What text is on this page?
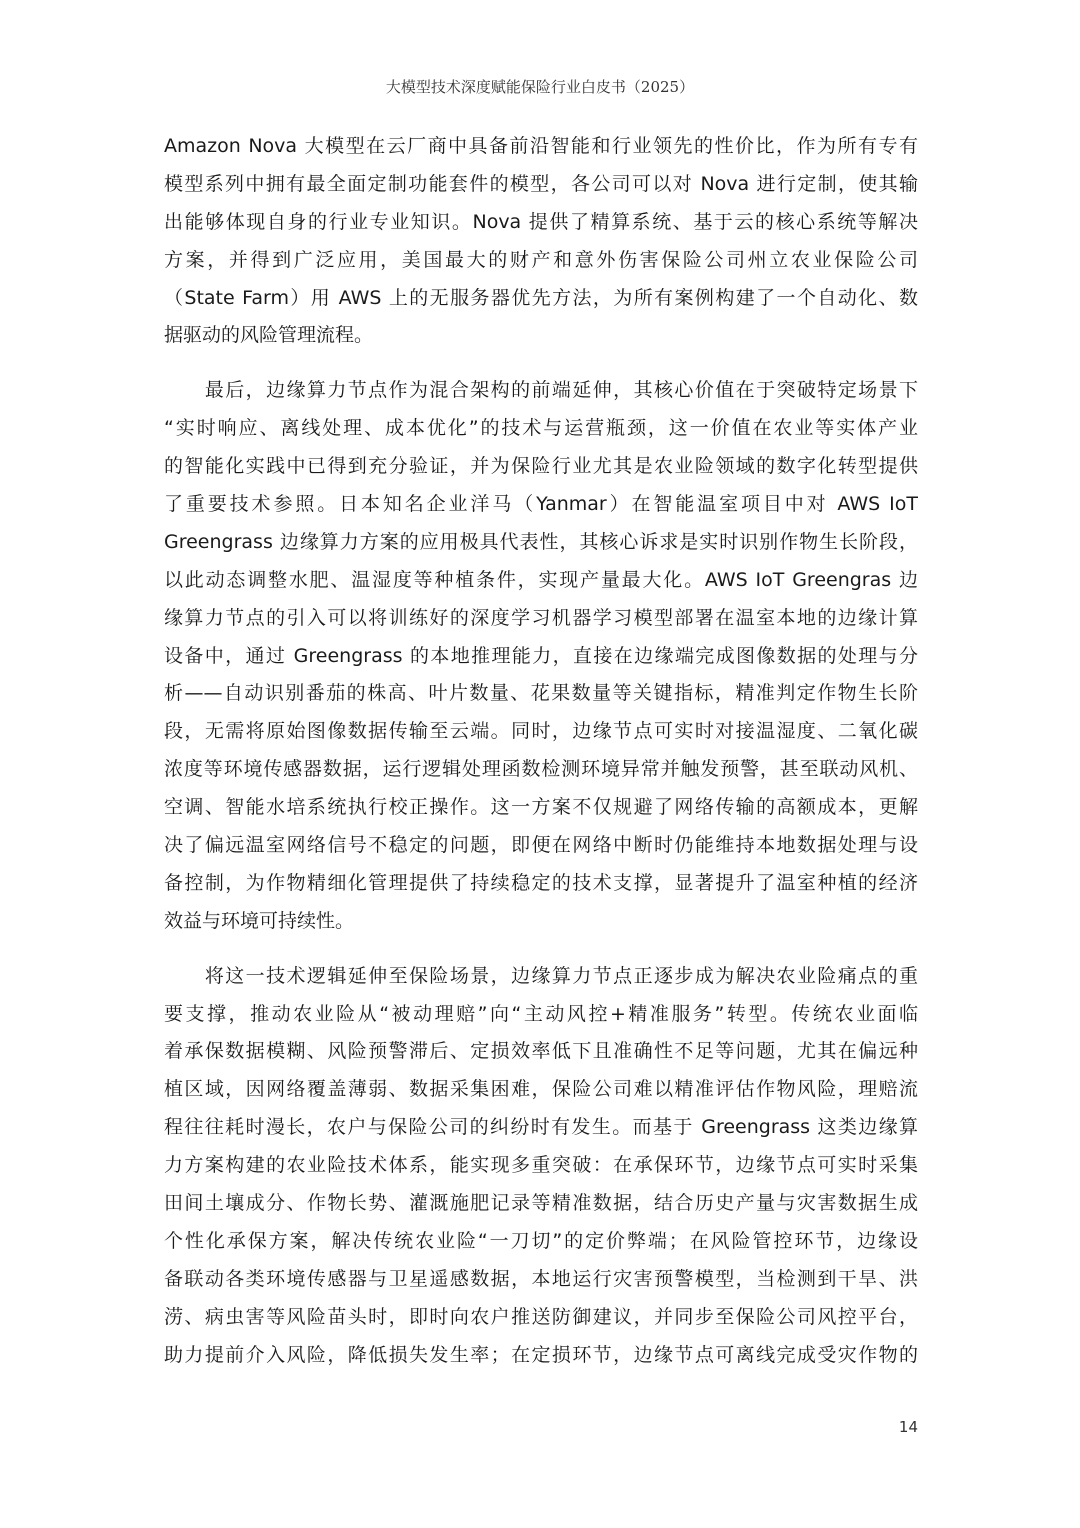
大模型技术深度赋能保险行业白皮书（2025）
Amazon Nova 大模型在云厂商中具备前沿智能和行业领先的性价比，作为所有专有
模型系列中拥有最全面定制功能套件的模型，各公司可以对 Nova 进行定制，使其输
出能够体现自身的行业专业知识。Nova 提供了精算系统、基于云的核心系统等解决
方案，并得到广泛应用，美国最大的财产和意外伤害保险公司州立农业保险公司
（State Farm）用 AWS 上的无服务器优先方法，为所有案例构建了一个自动化、数
据驱动的风险管理流程。
　　最后，边缘算力节点作为混合架构的前端延伸，其核心价值在于突破特定场景下
“实时响应、离线处理、成本优化”的技术与运营瓶颈，这一价值在农业等实体产业
的智能化实践中已得到充分验证，并为保险行业尤其是农业险领域的数字化转型提供
了重要技术参照。日本知名企业洋马（Yanmar）在智能温室项目中对 AWS IoT
Greengrass 边缘算力方案的应用极具代表性，其核心诉求是实时识别作物生长阶段，
以此动态调整水肥、温湿度等种植条件，实现产量最大化。AWS IoT Greengras 边
缘算力节点的引入可以将训练好的深度学习机器学习模型部署在温室本地的边缘计算
设备中，通过 Greengrass 的本地推理能力，直接在边缘端完成图像数据的处理与分
析——自动识别番茄的株高、叶片数量、花果数量等关键指标，精准判定作物生长阶
段，无需将原始图像数据传输至云端。同时，边缘节点可实时对接温湿度、二氧化碳
浓度等环境传感器数据，运行逻辑处理函数检测环境异常并触发预警，甚至联动风机、
空调、智能水培系统执行校正操作。这一方案不仅规避了网络传输的高额成本，更解
决了偏远温室网络信号不稳定的问题，即便在网络中断时仍能维持本地数据处理与设
备控制，为作物精细化管理提供了持续稳定的技术支撑，显著提升了温室种植的经济
效益与环境可持续性。
　　将这一技术逻辑延伸至保险场景，边缘算力节点正逐步成为解决农业险痛点的重
要支撑，推动农业险从“被动理赔”向“主动风控+精准服务”转型。传统农业面临
着承保数据模糊、风险预警滞后、定损效率低下且准确性不足等问题，尤其在偏远种
植区域，因网络覆盖薄弱、数据采集困难，保险公司难以精准评估作物风险，理赔流
程往往耗时漫长，农户与保险公司的纠纷时有发生。而基于 Greengrass 这类边缘算
力方案构建的农业险技术体系，能实现多重突破：在承保环节，边缘节点可实时采集
田间土壤成分、作物长势、灌溉施肥记录等精准数据，结合历史产量与灾害数据生成
个性化承保方案，解决传统农业险“一刀切”的定价弊端；在风险管控环节，边缘设
备联动各类环境传感器与卫星遥感数据，本地运行灾害预警模型，当检测到干旱、洪
涝、病虫害等风险苗头时，即时向农户推送防御建议，并同步至保险公司风控平台，
助力提前介入风险，降低损失发生率；在定损环节，边缘节点可离线完成受灾作物的
14
